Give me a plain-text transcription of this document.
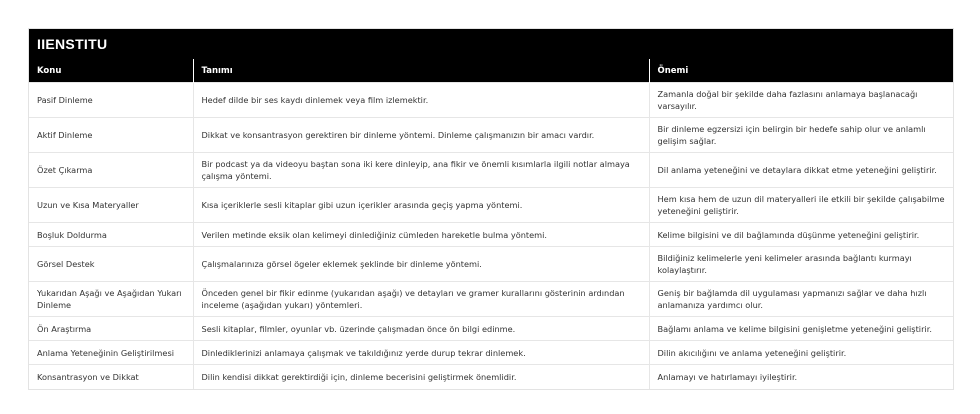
IIENSTITU
Konu	Tanımı	Önemi
Pasif Dinleme	Hedef dilde bir ses kaydı dinlemek veya film izlemektir.	Zamanla doğal bir şekilde daha fazlasını anlamaya başlanacağı varsayılır.
Aktif Dinleme	Dikkat ve konsantrasyon gerektiren bir dinleme yöntemi. Dinleme çalışmanızın bir amacı vardır.	Bir dinleme egzersizi için belirgin bir hedefe sahip olur ve anlamlı gelişim sağlar.
Özet Çıkarma	Bir podcast ya da videoyu baştan sona iki kere dinleyip, ana fikir ve önemli kısımlarla ilgili notlar almaya çalışma yöntemi.	Dil anlama yeteneğini ve detaylara dikkat etme yeteneğini geliştirir.
Uzun ve Kısa Materyaller	Kısa içeriklerle sesli kitaplar gibi uzun içerikler arasında geçiş yapma yöntemi.	Hem kısa hem de uzun dil materyalleri ile etkili bir şekilde çalışabilme yeteneğini geliştirir.
Boşluk Doldurma	Verilen metinde eksik olan kelimeyi dinlediğiniz cümleden hareketle bulma yöntemi.	Kelime bilgisini ve dil bağlamında düşünme yeteneğini geliştirir.
Görsel Destek	Çalışmalarınıza görsel ögeler eklemek şeklinde bir dinleme yöntemi.	Bildiğiniz kelimelerle yeni kelimeler arasında bağlantı kurmayı kolaylaştırır.
Yukarıdan Aşağı ve Aşağıdan Yukarı Dinleme	Önceden genel bir fikir edinme (yukarıdan aşağı) ve detayları ve gramer kurallarını gösterinin ardından inceleme (aşağıdan yukarı) yöntemleri.	Geniş bir bağlamda dil uygulaması yapmanızı sağlar ve daha hızlı anlamanıza yardımcı olur.
Ön Araştırma	Sesli kitaplar, filmler, oyunlar vb. üzerinde çalışmadan önce ön bilgi edinme.	Bağlamı anlama ve kelime bilgisini genişletme yeteneğini geliştirir.
Anlama Yeteneğinin Geliştirilmesi	Dinlediklerinizi anlamaya çalışmak ve takıldığınız yerde durup tekrar dinlemek.	Dilin akıcılığını ve anlama yeteneğini geliştirir.
Konsantrasyon ve Dikkat	Dilin kendisi dikkat gerektirdiği için, dinleme becerisini geliştirmek önemlidir.	Anlamayı ve hatırlamayı iyileştirir.
